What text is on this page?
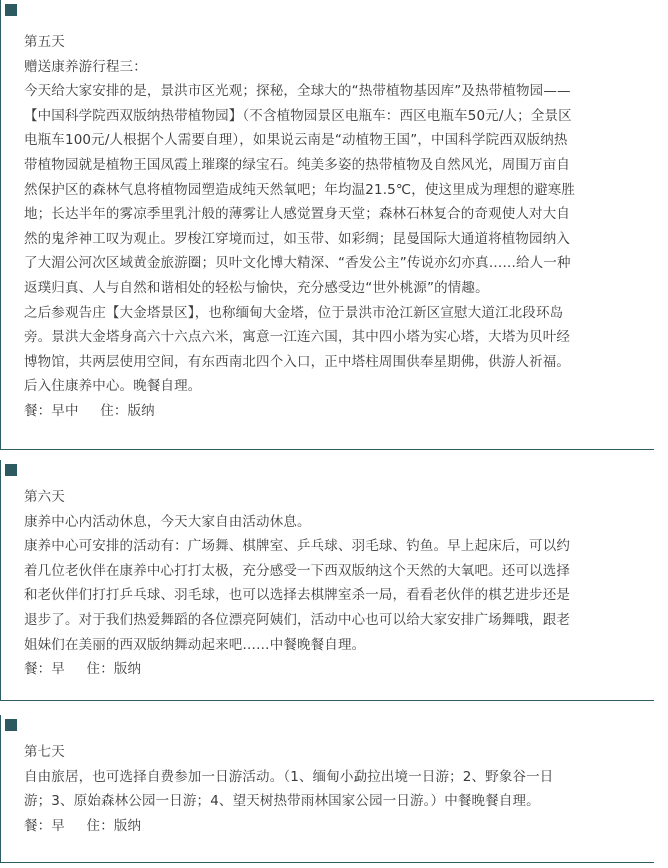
第五天

赠送康养游行程三：

今天给大家安排的是，景洪市区光观；探秘，全球大的“热带植物基因库”及热带植物园——

【中国科学院西双版纳热带植物园】（不含植物园景区电瓶车：西区电瓶车50元/人；全景区

电瓶车100元/人根据个人需要自理），如果说云南是“动植物王国”，中国科学院西双版纳热

带植物园就是植物王国凤霞上璀璨的绿宝石。纯美多姿的热带植物及自然风光，周围万亩自

然保护区的森林气息将植物园塑造成纯天然氧吧；年均温21.5℃，使这里成为理想的避寒胜

地；长达半年的雾凉季里乳汁般的薄雾让人感觉置身天堂；森林石林复合的奇观使人对大自

然的鬼斧神工叹为观止。罗梭江穿境而过，如玉带、如彩绸；昆曼国际大通道将植物园纳入

了大湄公河次区域黄金旅游圈；贝叶文化博大精深、“香发公主”传说亦幻亦真……给人一种

返璞归真、人与自然和谐相处的轻松与愉快，充分感受边“世外桃源”的情趣。

之后参观告庄【大金塔景区】，也称缅甸大金塔，位于景洪市沧江新区宣慰大道江北段环岛

旁。景洪大金塔身高六十六点六米，寓意一江连六国，其中四小塔为实心塔，大塔为贝叶经

博物馆，共两层使用空间，有东西南北四个入口，正中塔柱周围供奉星期佛，供游人祈福。

后入住康养中心。晚餐自理。

餐：早中 住：版纳

第六天

康养中心内活动休息，今天大家自由活动休息。

康养中心可安排的活动有：广场舞、棋牌室、乒乓球、羽毛球、钓鱼。早上起床后，可以约

着几位老伙伴在康养中心打打太极，充分感受一下西双版纳这个天然的大氧吧。还可以选择

和老伙伴们打打乒乓球、羽毛球，也可以选择去棋牌室杀一局，看看老伙伴的棋艺进步还是

退步了。对于我们热爱舞蹈的各位漂亮阿姨们，活动中心也可以给大家安排广场舞哦，跟老

姐妹们在美丽的西双版纳舞动起来吧……中餐晚餐自理。

餐：早 住：版纳

第七天

自由旅居，也可选择自费参加一日游活动。（1、缅甸小勐拉出境一日游；2、野象谷一日

游；3、原始森林公园一日游；4、望天树热带雨林国家公园一日游。）中餐晚餐自理。

餐：早 住：版纳
